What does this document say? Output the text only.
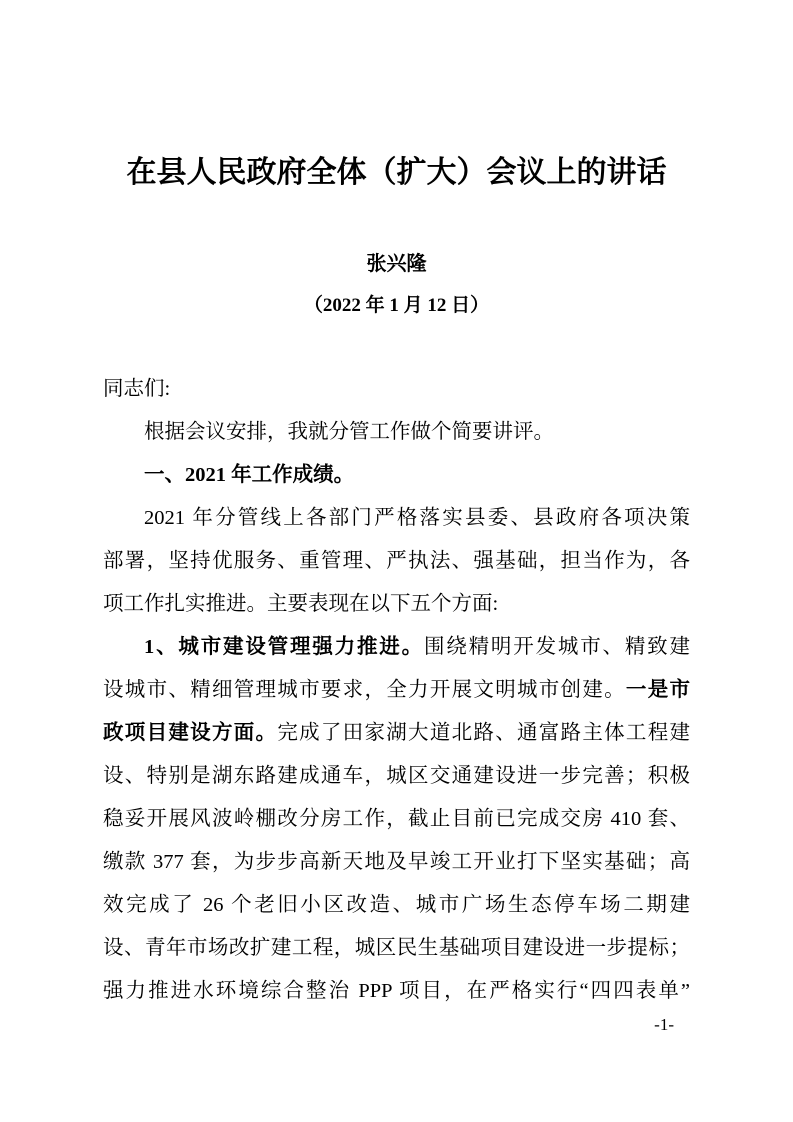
在县人民政府全体（扩大）会议上的讲话
张兴隆
（2022 年 1 月 12 日）
同志们:
根据会议安排，我就分管工作做个简要讲评。
一、2021 年工作成绩。
2021 年分管线上各部门严格落实县委、县政府各项决策
部署，坚持优服务、重管理、严执法、强基础，担当作为，各
项工作扎实推进。主要表现在以下五个方面:
1、城市建设管理强力推进。围绕精明开发城市、精致建
设城市、精细管理城市要求，全力开展文明城市创建。一是市
政项目建设方面。完成了田家湖大道北路、通富路主体工程建
设、特别是湖东路建成通车，城区交通建设进一步完善；积极
稳妥开展风波岭棚改分房工作，截止目前已完成交房 410 套、
缴款 377 套，为步步高新天地及早竣工开业打下坚实基础；高
效完成了 26 个老旧小区改造、城市广场生态停车场二期建
设、青年市场改扩建工程，城区民生基础项目建设进一步提标；
强力推进水环境综合整治 PPP 项目，在严格实行“四四表单”
-1-
